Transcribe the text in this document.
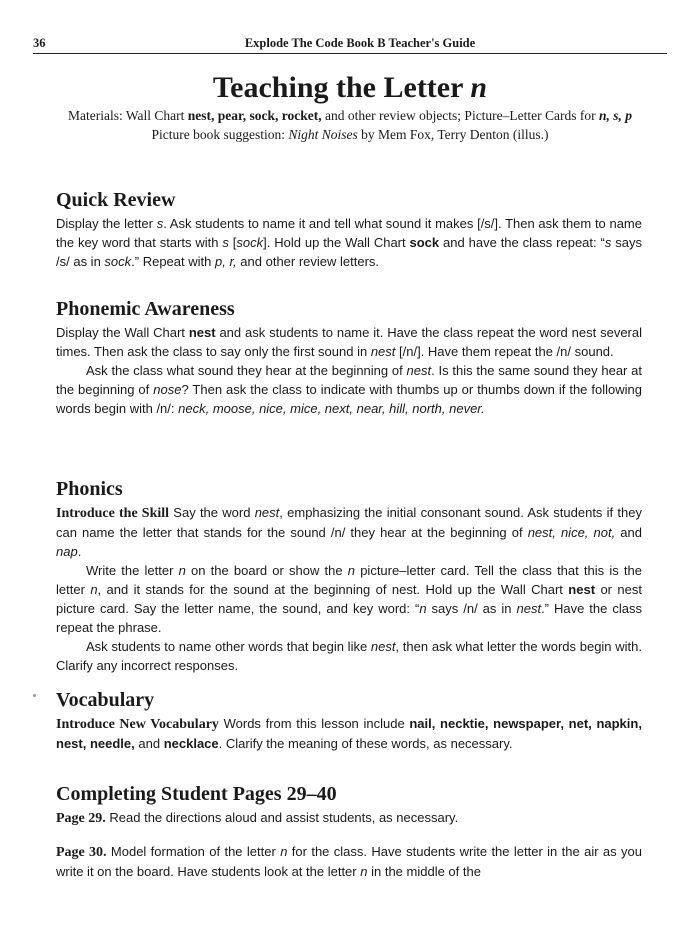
36	Explode The Code Book B Teacher's Guide
Teaching the Letter n
Materials: Wall Chart nest, pear, sock, rocket, and other review objects; Picture–Letter Cards for n, s, p
Picture book suggestion: Night Noises by Mem Fox, Terry Denton (illus.)
Quick Review

Display the letter s. Ask students to name it and tell what sound it makes [/s/]. Then ask them to name the key word that starts with s [sock]. Hold up the Wall Chart sock and have the class repeat: “s says /s/ as in sock.” Repeat with p, r, and other review letters.

Phonemic Awareness

Display the Wall Chart nest and ask students to name it. Have the class repeat the word nest several times. Then ask the class to say only the first sound in nest [/n/]. Have them repeat the /n/ sound.

Ask the class what sound they hear at the beginning of nest. Is this the same sound they hear at the beginning of nose? Then ask the class to indicate with thumbs up or thumbs down if the following words begin with /n/: neck, moose, nice, mice, next, near, hill, north, never.

Phonics

Introduce the Skill Say the word nest, emphasizing the initial consonant sound. Ask students if they can name the letter that stands for the sound /n/ they hear at the beginning of nest, nice, not, and nap.

Write the letter n on the board or show the n picture–letter card. Tell the class that this is the letter n, and it stands for the sound at the beginning of nest. Hold up the Wall Chart nest or nest picture card. Say the letter name, the sound, and key word: “n says /n/ as in nest.” Have the class repeat the phrase.

Ask students to name other words that begin like nest, then ask what letter the words begin with. Clarify any incorrect responses.

Vocabulary

Introduce New Vocabulary Words from this lesson include nail, necktie, newspaper, net, napkin, nest, needle, and necklace. Clarify the meaning of these words, as necessary.

Completing Student Pages 29–40

Page 29. Read the directions aloud and assist students, as necessary.

Page 30. Model formation of the letter n for the class. Have students write the letter in the air as you write it on the board. Have students look at the letter n in the middle of the
